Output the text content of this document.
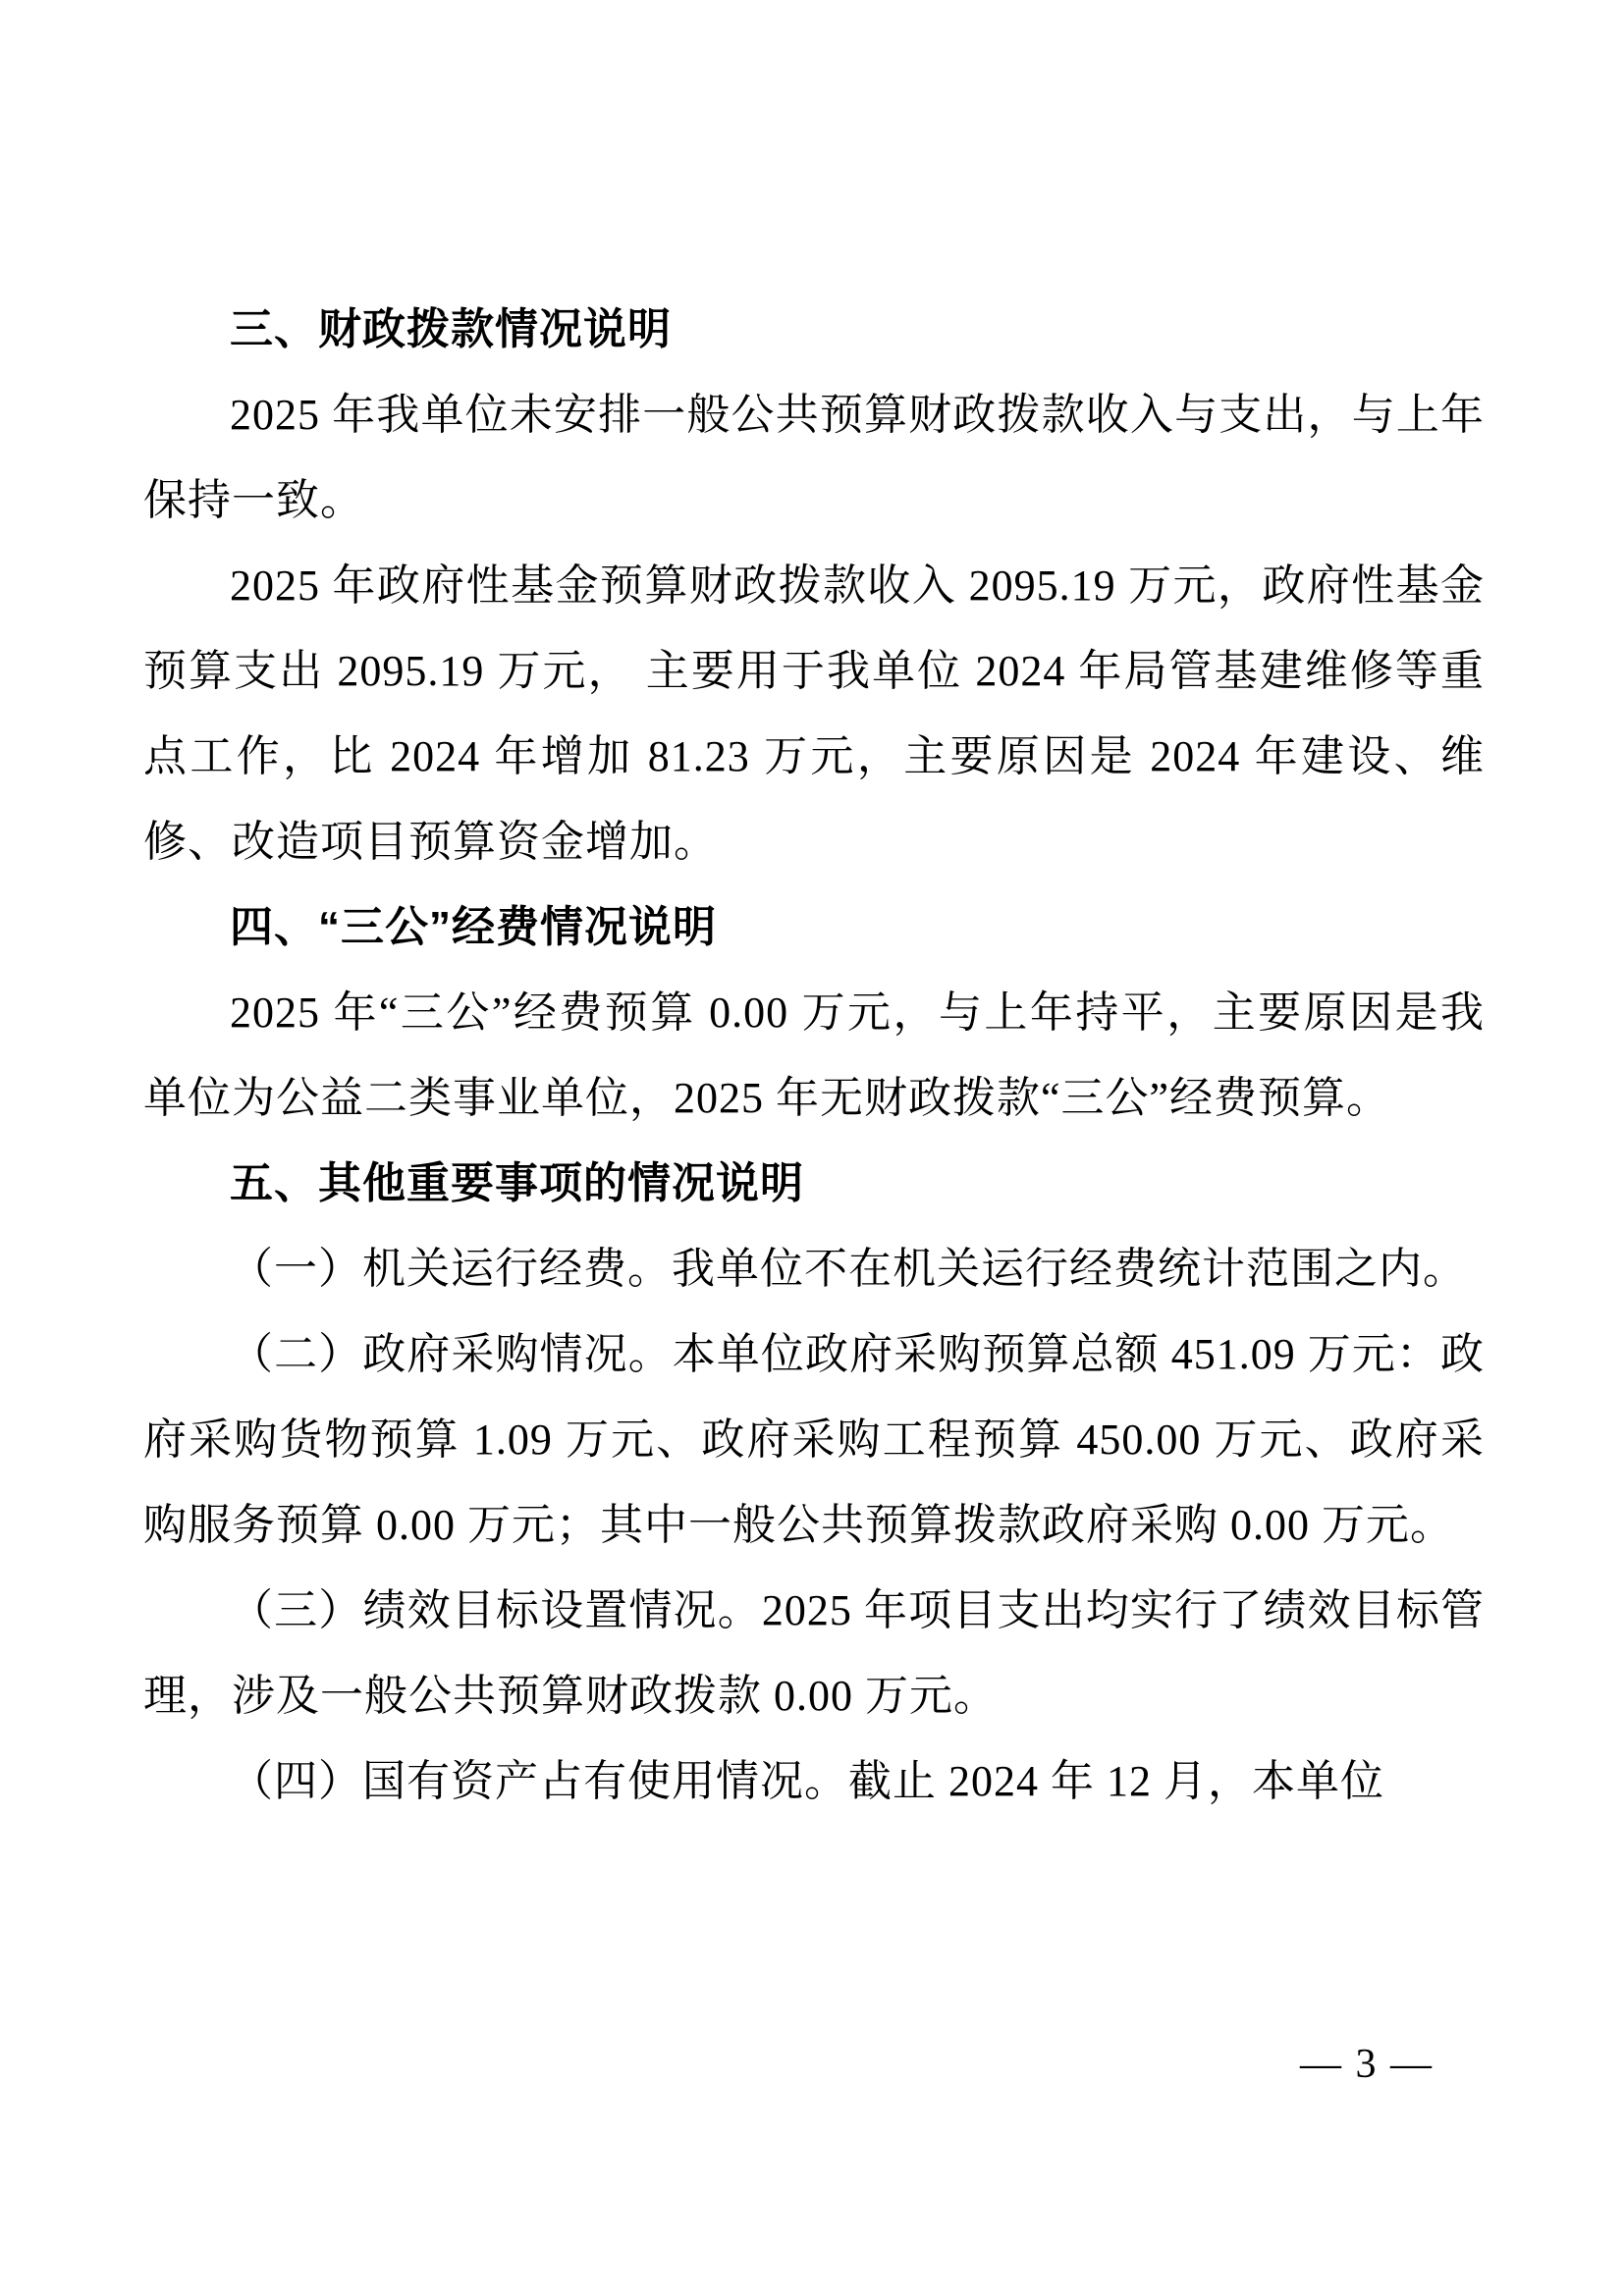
三、财政拨款情况说明

2025 年我单位未安排一般公共预算财政拨款收入与支出，与上年保持一致。

2025 年政府性基金预算财政拨款收入 2095.19 万元，政府性基金预算支出 2095.19 万元， 主要用于我单位 2024 年局管基建维修等重点工作，比 2024 年增加 81.23 万元，主要原因是 2024 年建设、维修、改造项目预算资金增加。

四、“三公”经费情况说明

2025 年“三公”经费预算 0.00 万元，与上年持平，主要原因是我单位为公益二类事业单位，2025 年无财政拨款“三公”经费预算。

五、其他重要事项的情况说明

（一）机关运行经费。我单位不在机关运行经费统计范围之内。

（二）政府采购情况。本单位政府采购预算总额 451.09 万元：政府采购货物预算 1.09 万元、政府采购工程预算 450.00 万元、政府采购服务预算 0.00 万元；其中一般公共预算拨款政府采购 0.00 万元。

（三）绩效目标设置情况。2025 年项目支出均实行了绩效目标管理，涉及一般公共预算财政拨款 0.00 万元。

（四）国有资产占有使用情况。截止 2024 年 12 月，本单位

— 3 —
